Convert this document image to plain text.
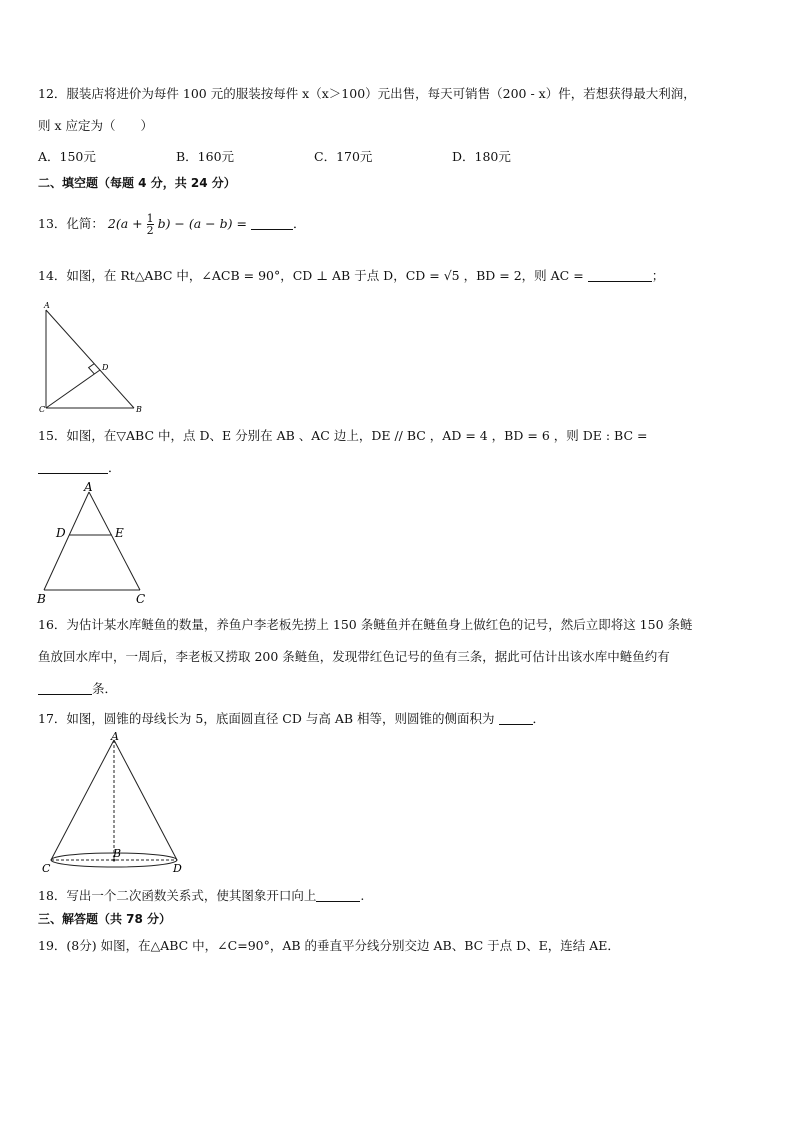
12．服装店将进价为每件 100 元的服装按每件 x（x＞100）元出售，每天可销售（200 - x）件，若想获得最大利润，
则 x 应定为（　　）
A．150元	B．160元	C．170元	D．180元
二、填空题（每题 4 分，共 24 分）
13．化简： $2(a + \frac{1}{2} b) - (a - b)$ =	．
14．如图，在 Rt△ABC 中，∠ACB = 90°，CD ⊥ AB 于点 D，CD = √5 ，BD = 2，则 AC =	；
A
D
C	B
15．如图，在▽ABC 中，点 D、E 分别在 AB 、AC 边上，DE // BC ，AD = 4 ，BD = 6 ，则 DE : BC =
．
A
D	E
B	C
16．为估计某水库鲢鱼的数量，养鱼户李老板先捞上 150 条鲢鱼并在鲢鱼身上做红色的记号，然后立即将这 150 条鲢
鱼放回水库中，一周后，李老板又捞取 200 条鲢鱼，发现带红色记号的鱼有三条，据此可估计出该水库中鲢鱼约有
条．
17．如图，圆锥的母线长为 5，底面圆直径 CD 与高 AB 相等，则圆锥的侧面积为	．
A
B
C	D
18．写出一个二次函数关系式，使其图象开口向上	.
三、解答题（共 78 分）
19．(8分) 如图，在△ABC 中，∠C=90°，AB 的垂直平分线分别交边 AB、BC 于点 D、E，连结 AE．
